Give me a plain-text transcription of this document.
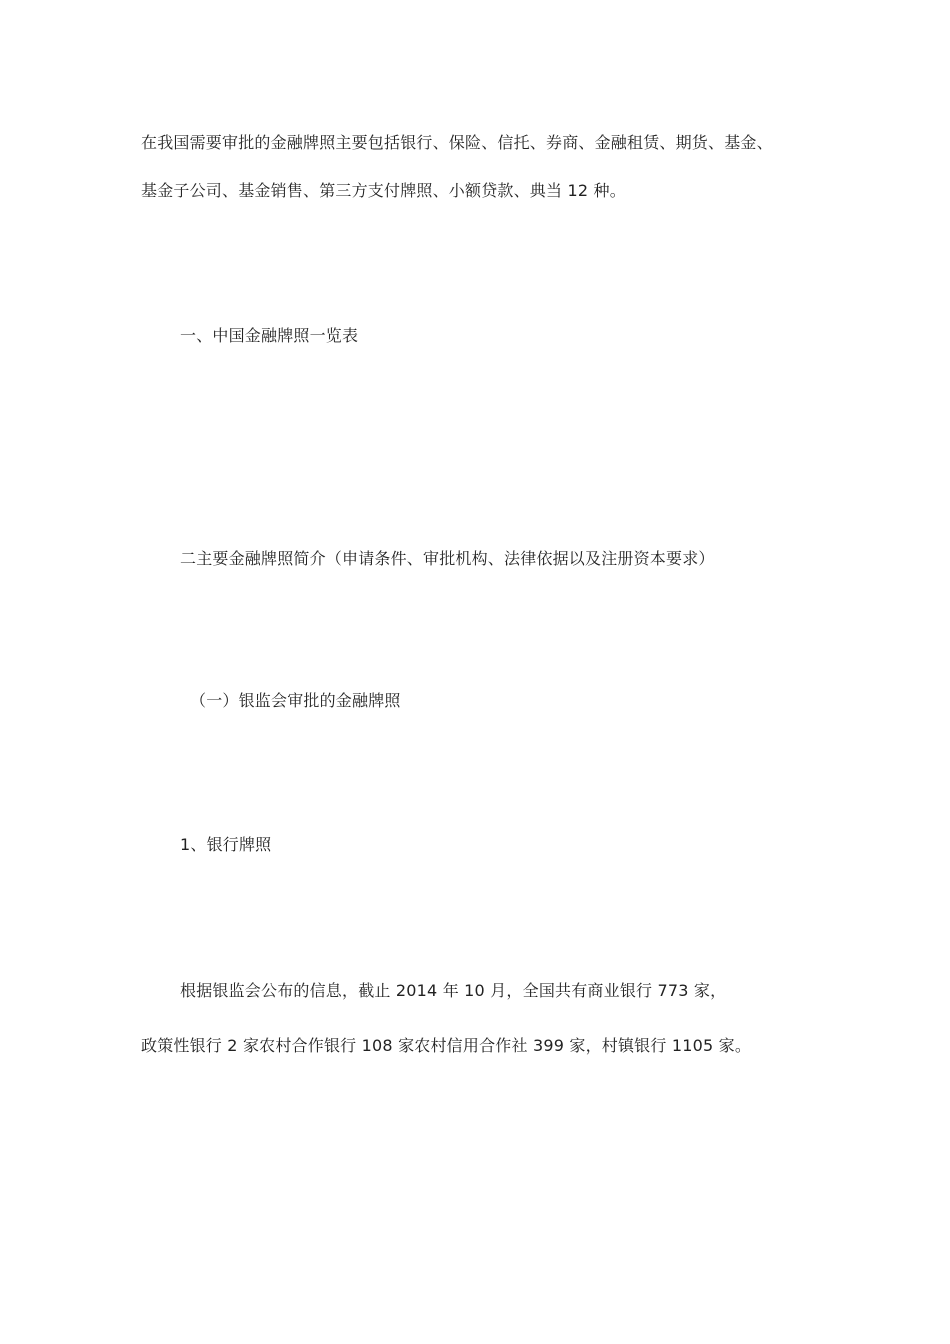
在我国需要审批的金融牌照主要包括银行、保险、信托、券商、金融租赁、期货、基金、
基金子公司、基金销售、第三方支付牌照、小额贷款、典当 12 种。
一、中国金融牌照一览表
二主要金融牌照简介（申请条件、审批机构、法律依据以及注册资本要求）
（一）银监会审批的金融牌照
1、银行牌照
根据银监会公布的信息，截止 2014 年 10 月，全国共有商业银行 773 家，
政策性银行 2 家农村合作银行 108 家农村信用合作社 399 家，村镇银行 1105 家。
